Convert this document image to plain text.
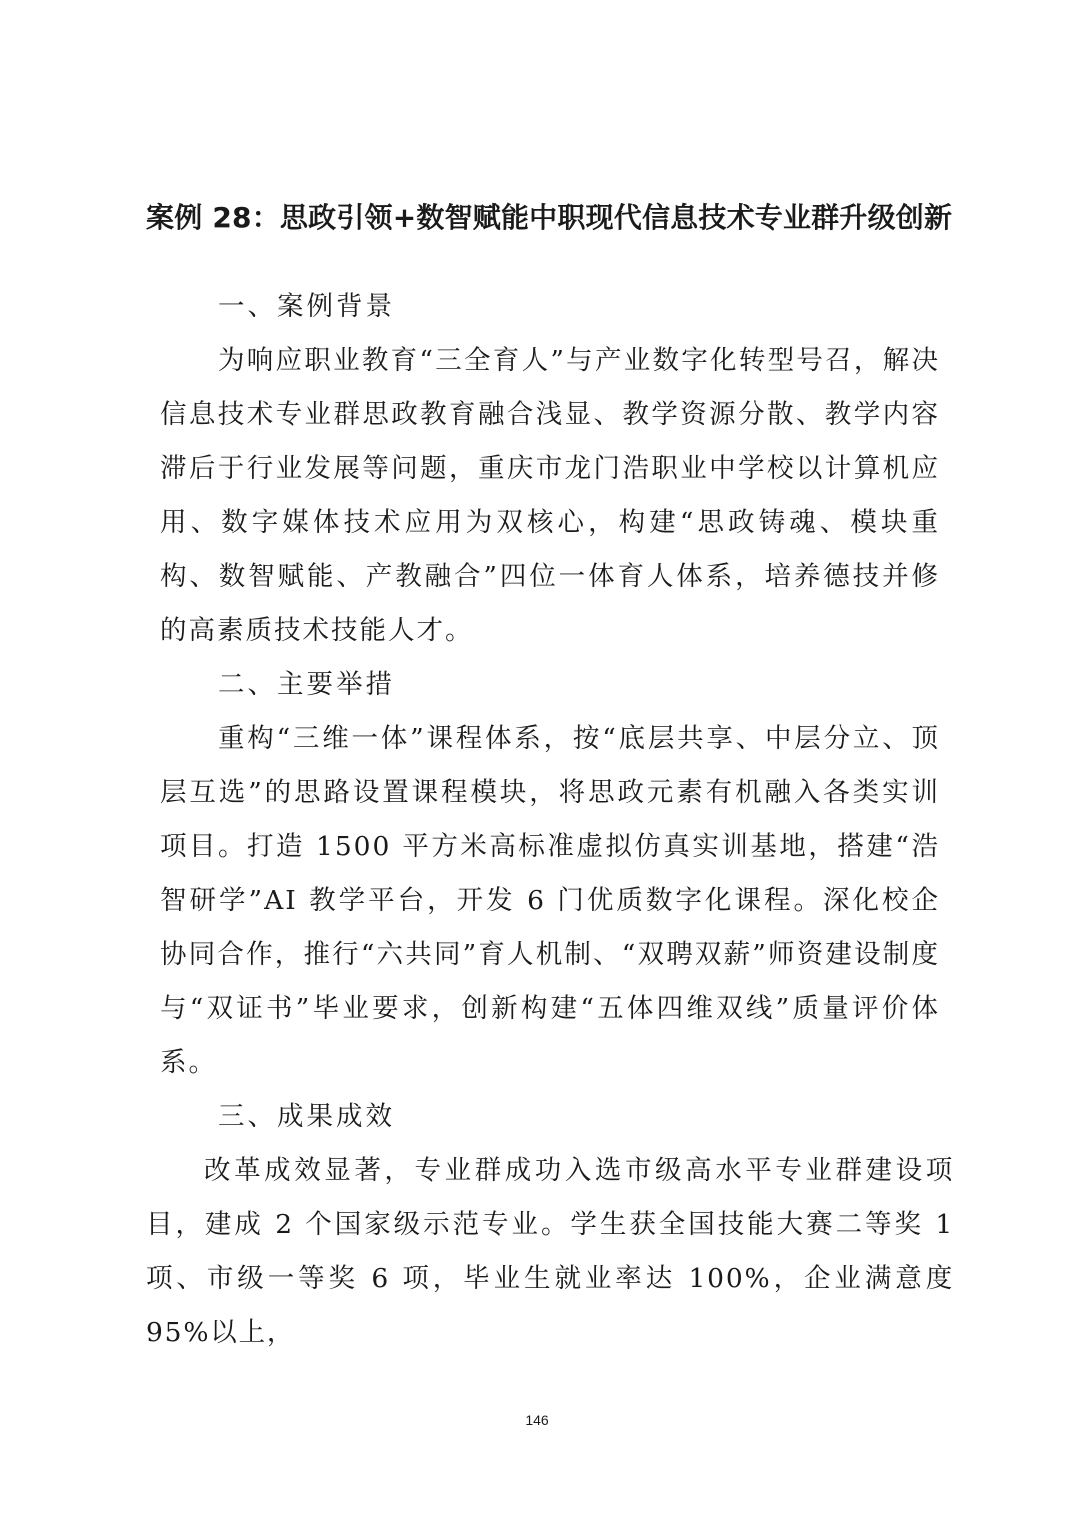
案例 28：思政引领+数智赋能中职现代信息技术专业群升级创新

一、案例背景

为响应职业教育“三全育人”与产业数字化转型号召，解决信息技术专业群思政教育融合浅显、教学资源分散、教学内容滞后于行业发展等问题，重庆市龙门浩职业中学校以计算机应用、数字媒体技术应用为双核心，构建“思政铸魂、模块重构、数智赋能、产教融合”四位一体育人体系，培养德技并修的高素质技术技能人才。

二、主要举措

重构“三维一体”课程体系，按“底层共享、中层分立、顶层互选”的思路设置课程模块，将思政元素有机融入各类实训项目。打造 1500 平方米高标准虚拟仿真实训基地，搭建“浩智研学”AI 教学平台，开发 6 门优质数字化课程。深化校企协同合作，推行“六共同”育人机制、“双聘双薪”师资建设制度与“双证书”毕业要求，创新构建“五体四维双线”质量评价体系。

三、成果成效

改革成效显著，专业群成功入选市级高水平专业群建设项目，建成 2 个国家级示范专业。学生获全国技能大赛二等奖 1 项、市级一等奖 6 项，毕业生就业率达 100%，企业满意度 95%以上，

146
